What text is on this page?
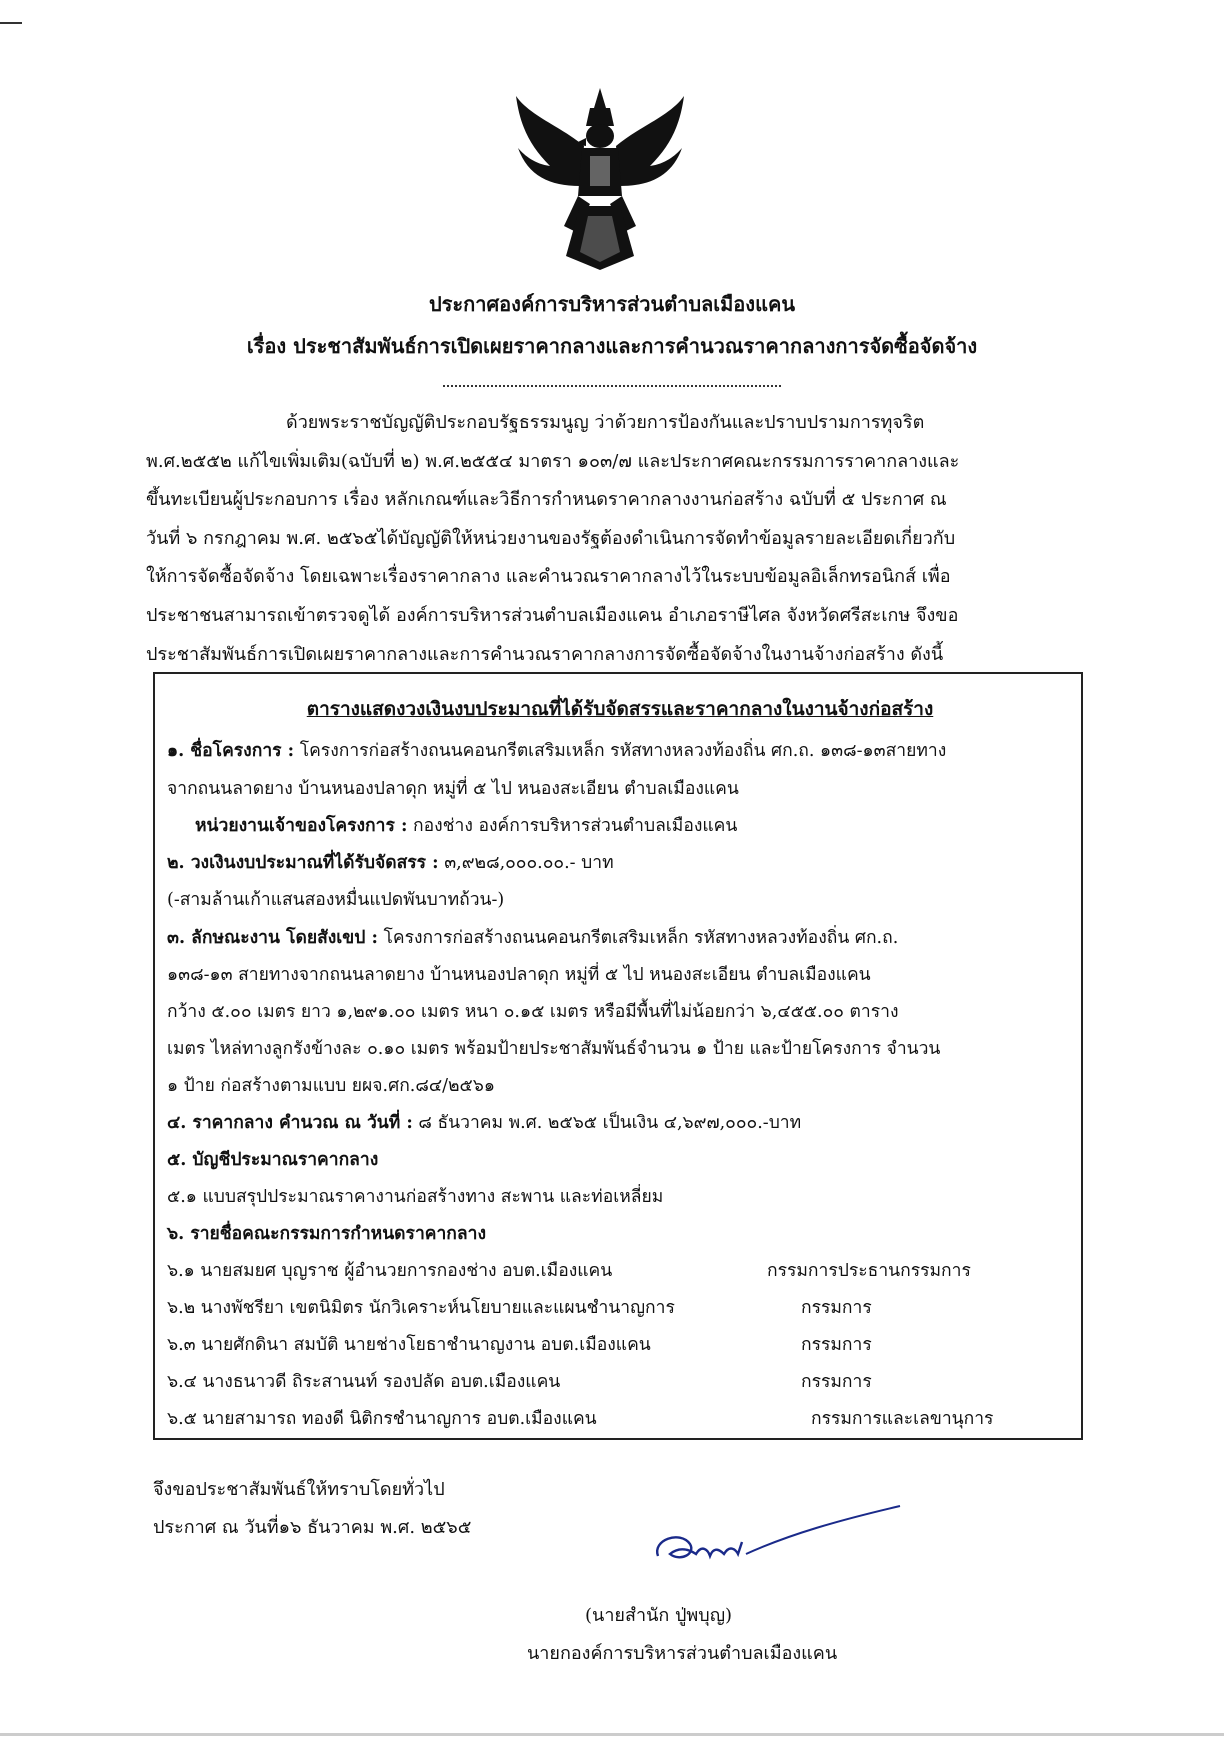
ประกาศองค์การบริหารส่วนตำบลเมืองแคน
เรื่อง ประชาสัมพันธ์การเปิดเผยราคากลางและการคำนวณราคากลางการจัดซื้อจัดจ้าง
ด้วยพระราชบัญญัติประกอบรัฐธรรมนูญ ว่าด้วยการป้องกันและปราบปรามการทุจริต
พ.ศ.๒๕๕๒ แก้ไขเพิ่มเติม(ฉบับที่ ๒) พ.ศ.๒๕๕๔ มาตรา ๑๐๓/๗ และประกาศคณะกรรมการราคากลางและ
ขึ้นทะเบียนผู้ประกอบการ เรื่อง หลักเกณฑ์และวิธีการกำหนดราคากลางงานก่อสร้าง ฉบับที่ ๕ ประกาศ ณ
วันที่ ๖ กรกฎาคม พ.ศ. ๒๕๖๕ได้บัญญัติให้หน่วยงานของรัฐต้องดำเนินการจัดทำข้อมูลรายละเอียดเกี่ยวกับ
ให้การจัดซื้อจัดจ้าง โดยเฉพาะเรื่องราคากลาง และคำนวณราคากลางไว้ในระบบข้อมูลอิเล็กทรอนิกส์ เพื่อ
ประชาชนสามารถเข้าตรวจดูได้ องค์การบริหารส่วนตำบลเมืองแคน อำเภอราษีไศล จังหวัดศรีสะเกษ จึงขอ
ประชาสัมพันธ์การเปิดเผยราคากลางและการคำนวณราคากลางการจัดซื้อจัดจ้างในงานจ้างก่อสร้าง ดังนี้
ตารางแสดงวงเงินงบประมาณที่ได้รับจัดสรรและราคากลางในงานจ้างก่อสร้าง
๑. ชื่อโครงการ : โครงการก่อสร้างถนนคอนกรีตเสริมเหล็ก รหัสทางหลวงท้องถิ่น ศก.ถ. ๑๓๘-๑๓สายทาง
จากถนนลาดยาง บ้านหนองปลาดุก หมู่ที่ ๕ ไป หนองสะเอียน ตำบลเมืองแคน
หน่วยงานเจ้าของโครงการ : กองช่าง องค์การบริหารส่วนตำบลเมืองแคน
๒. วงเงินงบประมาณที่ได้รับจัดสรร : ๓,๙๒๘,๐๐๐.๐๐.- บาท
(-สามล้านเก้าแสนสองหมื่นแปดพันบาทถ้วน-)
๓. ลักษณะงาน โดยสังเขป : โครงการก่อสร้างถนนคอนกรีตเสริมเหล็ก รหัสทางหลวงท้องถิ่น ศก.ถ.
๑๓๘-๑๓ สายทางจากถนนลาดยาง บ้านหนองปลาดุก หมู่ที่ ๕ ไป หนองสะเอียน ตำบลเมืองแคน
กว้าง ๕.๐๐ เมตร ยาว ๑,๒๙๑.๐๐ เมตร หนา ๐.๑๕ เมตร หรือมีพื้นที่ไม่น้อยกว่า ๖,๔๕๕.๐๐ ตาราง
เมตร ไหล่ทางลูกรังข้างละ ๐.๑๐ เมตร พร้อมป้ายประชาสัมพันธ์จำนวน ๑ ป้าย และป้ายโครงการ จำนวน
๑ ป้าย ก่อสร้างตามแบบ ยผจ.ศก.๘๔/๒๕๖๑
๔. ราคากลาง คำนวณ ณ วันที่ : ๘ ธันวาคม พ.ศ. ๒๕๖๕ เป็นเงิน ๔,๖๙๗,๐๐๐.-บาท
๕. บัญชีประมาณราคากลาง
๕.๑ แบบสรุปประมาณราคางานก่อสร้างทาง สะพาน และท่อเหลี่ยม
๖. รายชื่อคณะกรรมการกำหนดราคากลาง
๖.๑ นายสมยศ บุญราช ผู้อำนวยการกองช่าง อบต.เมืองแคน	กรรมการประธานกรรมการ
๖.๒ นางพัชรียา เขตนิมิตร นักวิเคราะห์นโยบายและแผนชำนาญการ	กรรมการ
๖.๓ นายศักดินา สมบัติ นายช่างโยธาชำนาญงาน อบต.เมืองแคน	กรรมการ
๖.๔ นางธนาวดี ถิระสานนท์ รองปลัด อบต.เมืองแคน	กรรมการ
๖.๕ นายสามารถ ทองดี นิติกรชำนาญการ อบต.เมืองแคน	กรรมการและเลขานุการ
จึงขอประชาสัมพันธ์ให้ทราบโดยทั่วไป
ประกาศ ณ วันที่๑๖ ธันวาคม พ.ศ. ๒๕๖๕
(นายสำนัก ปู่พบุญ)
นายกองค์การบริหารส่วนตำบลเมืองแคน
